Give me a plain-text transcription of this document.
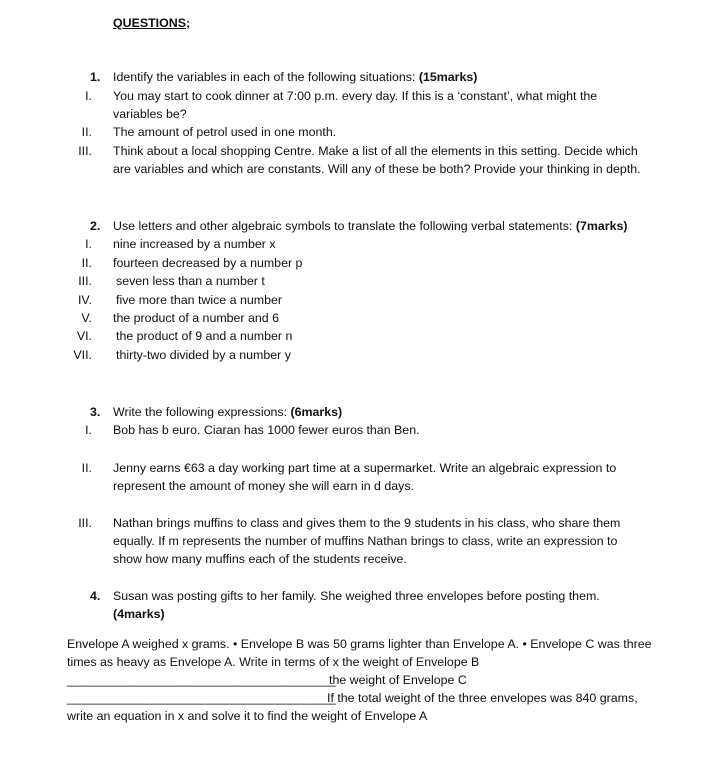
QUESTIONS;
1. Identify the variables in each of the following situations: (15marks)
I. You may start to cook dinner at 7:00 p.m. every day. If this is a ‘constant’, what might the
variables be?
II. The amount of petrol used in one month.
III. Think about a local shopping Centre. Make a list of all the elements in this setting. Decide which
are variables and which are constants. Will any of these be both? Provide your thinking in depth.
2. Use letters and other algebraic symbols to translate the following verbal statements: (7marks)
I. nine increased by a number x
II. fourteen decreased by a number p
III. seven less than a number t
IV. five more than twice a number
V. the product of a number and 6
VI. the product of 9 and a number n
VII. thirty-two divided by a number y
3. Write the following expressions: (6marks)
I. Bob has b euro. Ciaran has 1000 fewer euros than Ben.
II. Jenny earns €63 a day working part time at a supermarket. Write an algebraic expression to
represent the amount of money she will earn in d days.
III. Nathan brings muffins to class and gives them to the 9 students in his class, who share them
equally. If m represents the number of muffins Nathan brings to class, write an expression to
show how many muffins each of the students receive.
4. Susan was posting gifts to her family. She weighed three envelopes before posting them.
(4marks)
Envelope A weighed x grams. • Envelope B was 50 grams lighter than Envelope A. • Envelope C was three
times as heavy as Envelope A. Write in terms of x the weight of Envelope B
_______________________________________
the weight of Envelope C
_______________________________________
If the total weight of the three envelopes was 840 grams,
write an equation in x and solve it to find the weight of Envelope A
